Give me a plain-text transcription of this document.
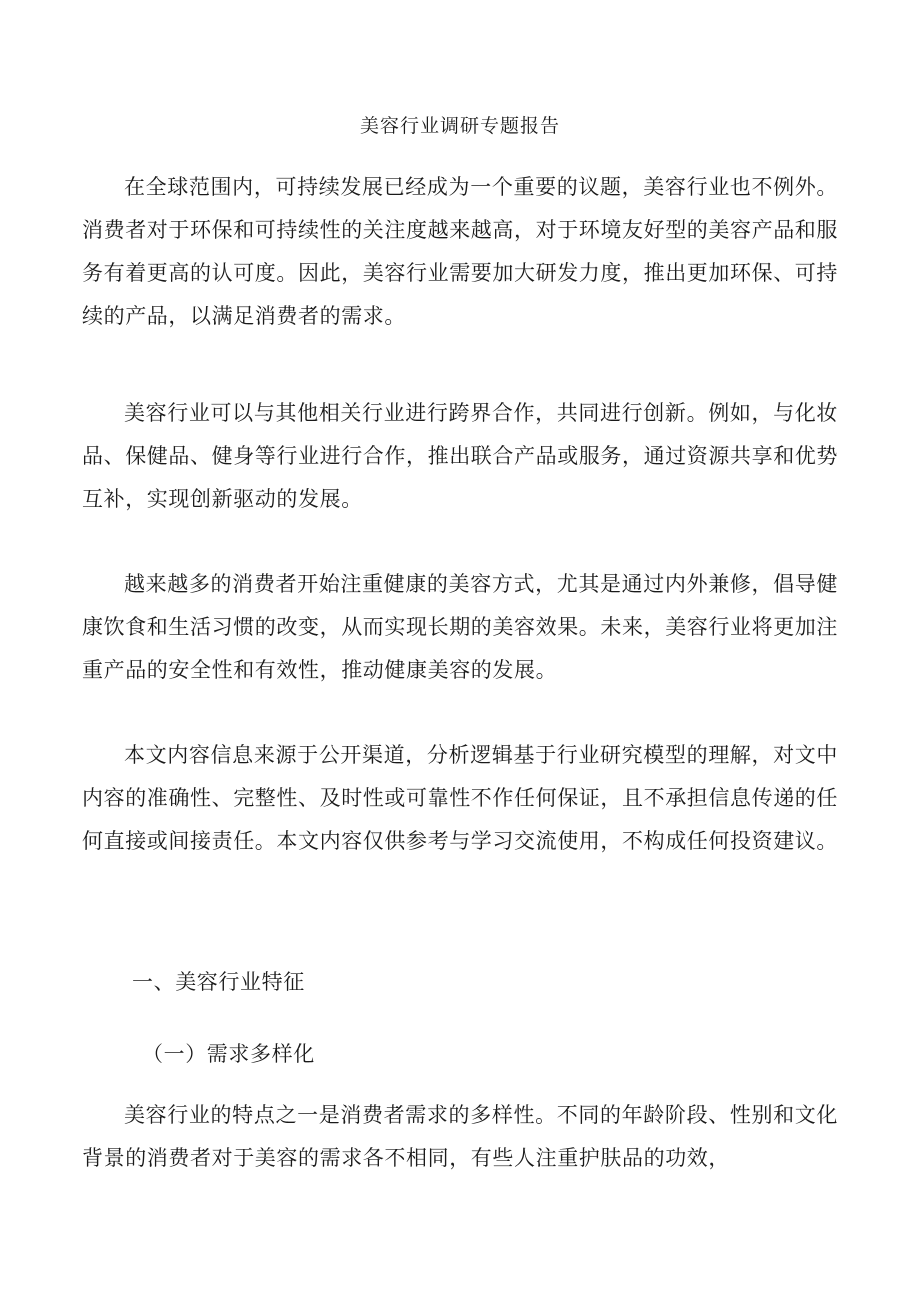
美容行业调研专题报告

在全球范围内，可持续发展已经成为一个重要的议题，美容行业也不例外。消费者对于环保和可持续性的关注度越来越高，对于环境友好型的美容产品和服务有着更高的认可度。因此，美容行业需要加大研发力度，推出更加环保、可持续的产品，以满足消费者的需求。

美容行业可以与其他相关行业进行跨界合作，共同进行创新。例如，与化妆品、保健品、健身等行业进行合作，推出联合产品或服务，通过资源共享和优势互补，实现创新驱动的发展。

越来越多的消费者开始注重健康的美容方式，尤其是通过内外兼修，倡导健康饮食和生活习惯的改变，从而实现长期的美容效果。未来，美容行业将更加注重产品的安全性和有效性，推动健康美容的发展。

本文内容信息来源于公开渠道，分析逻辑基于行业研究模型的理解，对文中内容的准确性、完整性、及时性或可靠性不作任何保证，且不承担信息传递的任何直接或间接责任。本文内容仅供参考与学习交流使用，不构成任何投资建议。

一、美容行业特征
（一）需求多样化

美容行业的特点之一是消费者需求的多样性。不同的年龄阶段、性别和文化背景的消费者对于美容的需求各不相同，有些人注重护肤品的功效，
